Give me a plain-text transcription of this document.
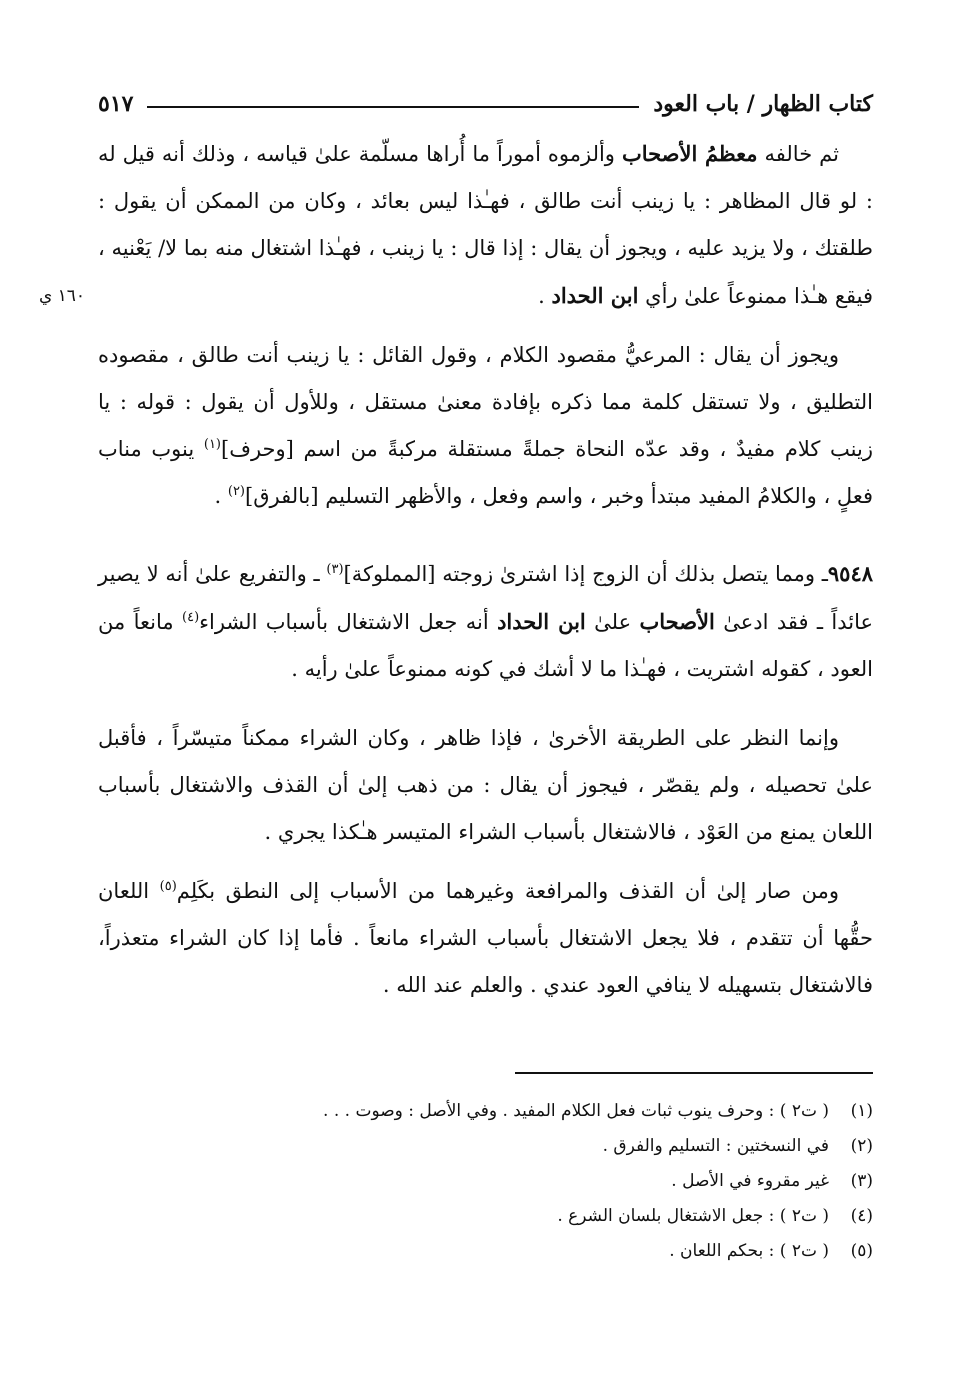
كتاب الظهار / باب العود
٥١٧
١٦٠ ي

ثم خالفه معظمُ الأصحاب وألزموه أموراً ما أُراها مسلّمة علىٰ قياسه ، وذلك أنه قيل له : لو قال المظاهر : يا زينب أنت طالق ، فهـٰذا ليس بعائد ، وكان من الممكن أن يقول : طلقتك ، ولا يزيد عليه ، ويجوز أن يقال : إذا قال : يا زينب ، فهـٰذا اشتغال منه بما لا/ يَعْنيه ، فيقع هـٰذا ممنوعاً علىٰ رأي ابن الحداد .

ويجوز أن يقال : المرعيُّ مقصود الكلام ، وقول القائل : يا زينب أنت طالق ، مقصوده التطليق ، ولا تستقل كلمة مما ذكره بإفادة معنىٰ مستقل ، وللأول أن يقول : قوله : يا زينب كلام مفيدٌ ، وقد عدّه النحاة جملةً مستقلة مركبةً من اسم [وحرف]$^{(١)}$ ينوب مناب فعلٍ ، والكلامُ المفيد مبتدأ وخبر ، واسم وفعل ، والأظهر التسليم [بالفرق]$^{(٢)}$ .

٩٥٤٨ـ ومما يتصل بذلك أن الزوج إذا اشترىٰ زوجته [المملوكة]$^{(٣)}$ ـ والتفريع علىٰ أنه لا يصير عائداً ـ فقد ادعىٰ الأصحاب علىٰ ابن الحداد أنه جعل الاشتغال بأسباب الشراء$^{(٤)}$ مانعاً من العود ، كقوله اشتريت ، فهـٰذا ما لا أشك في كونه ممنوعاً علىٰ رأيه .

وإنما النظر على الطريقة الأخرىٰ ، فإذا ظاهر ، وكان الشراء ممكناً متيسّراً ، فأقبل علىٰ تحصيله ، ولم يقصّر ، فيجوز أن يقال : من ذهب إلىٰ أن القذف والاشتغال بأسباب اللعان يمنع من العَوْد ، فالاشتغال بأسباب الشراء المتيسر هـٰكذا يجري .

ومن صار إلىٰ أن القذف والمرافعة وغيرهما من الأسباب إلى النطق بكَلِم$^{(٥)}$ اللعان حقُّها أن تتقدم ، فلا يجعل الاشتغال بأسباب الشراء مانعاً . فأما إذا كان الشراء متعذراً، فالاشتغال بتسهيله لا ينافي العود عندي . والعلم عند الله .

(١)
( ت٢ ) : وحرف ينوب ثبات فعل الكلام المفيد . وفي الأصل : وصوت . . .
(٢)
في النسختين : التسليم والفرق .
(٣)
غير مقروء في الأصل .
(٤)
( ت٢ ) : جعل الاشتغال بلسان الشرع .
(٥)
( ت٢ ) : بحكم اللعان .
